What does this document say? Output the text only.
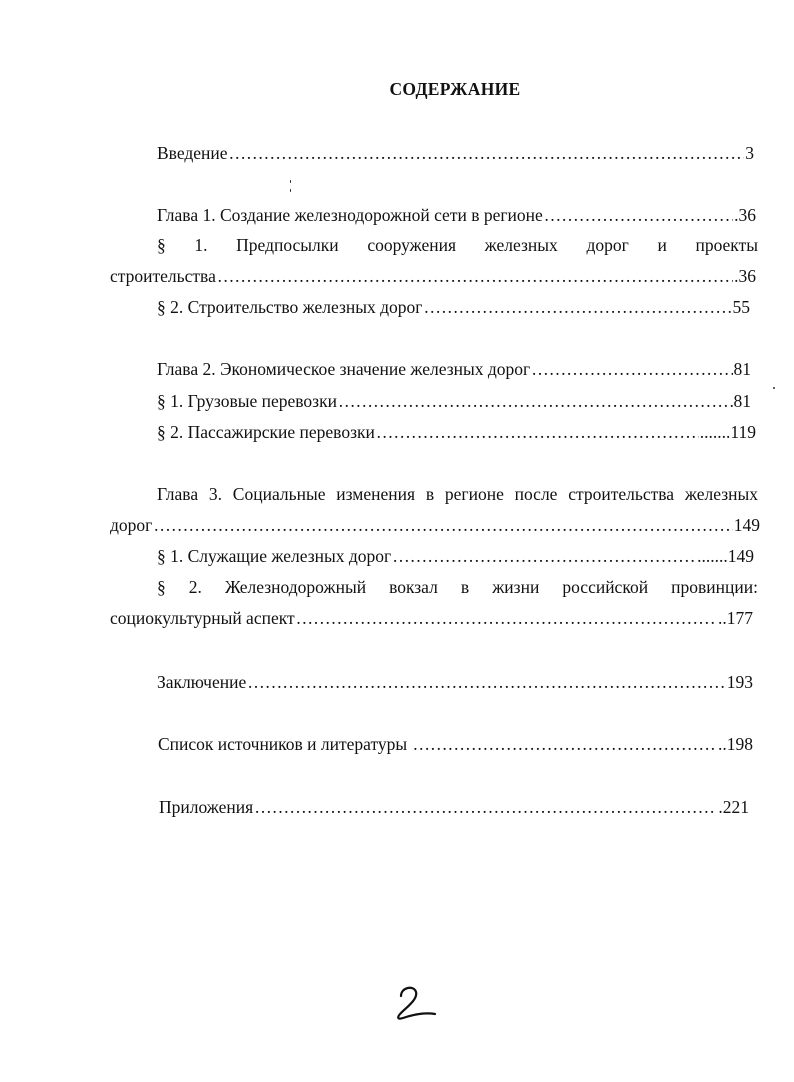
СОДЕРЖАНИЕ
Введение ………………………………………………………………………………………………………………………………………………………………………………	3
Глава 1. Создание железнодорожной сети в регионе ………………………………………………………………………………………………………………………………………………………………………………	.36
§ 1. Предпосылки сооружения железных дорог и проекты
строительства ………………………………………………………………………………………………………………………………………………………………………………	.36
§ 2. Строительство железных дорог ………………………………………………………………………………………………………………………………………………………………………………	55
Глава 2. Экономическое значение железных дорог ………………………………………………………………………………………………………………………………………………………………………………	81
§ 1. Грузовые перевозки ………………………………………………………………………………………………………………………………………………………………………………	81
§ 2. Пассажирские перевозки ………………………………………………………………………………………………………………………………………………………………………………	.......119
Глава 3. Социальные изменения в регионе после строительства железных
дорог ………………………………………………………………………………………………………………………………………………………………………………	149
§ 1. Служащие железных дорог ………………………………………………………………………………………………………………………………………………………………………………	.......149
§ 2. Железнодорожный вокзал в жизни российской провинции:
социокультурный аспект ………………………………………………………………………………………………………………………………………………………………………………	..177
Заключение ………………………………………………………………………………………………………………………………………………………………………………	193
Список источников и литературы ………………………………………………………………………………………………………………………………………………………………………………	..198
Приложения ………………………………………………………………………………………………………………………………………………………………………………	.221
